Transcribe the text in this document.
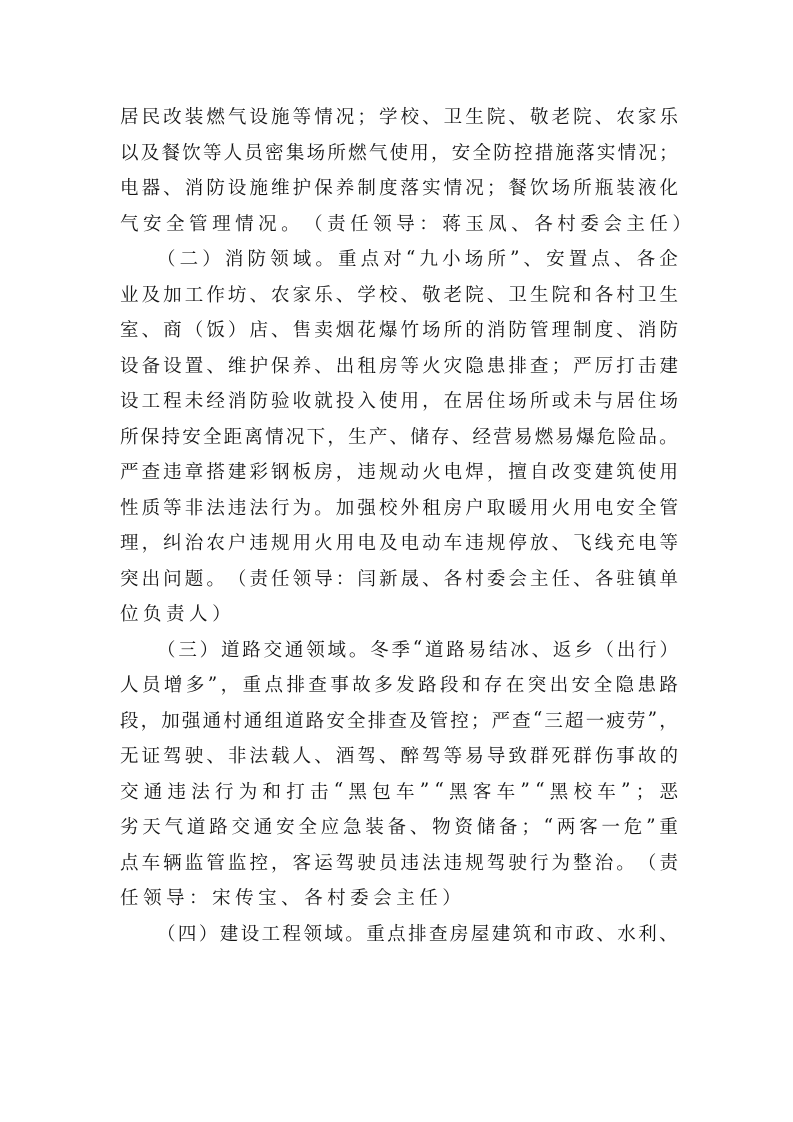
居 民 改 装 燃 气 设 施 等 情 况 ； 学 校 、 卫 生 院 、 敬 老 院 、 农 家 乐
以 及 餐 饮 等 人 员 密 集 场 所 燃 气 使 用 ， 安 全 防 控 措 施 落 实 情 况 ；
电 器 、 消 防 设 施 维 护 保 养 制 度 落 实 情 况 ； 餐 饮 场 所 瓶 装 液 化
气 安 全 管 理 情 况 。 （ 责 任 领 导 ： 蒋 玉 凤 、 各 村 委 会 主 任 ）
（ 二 ） 消 防 领 域 。 重 点 对 “ 九 小 场 所 ” 、 安 置 点 、 各 企
业 及 加 工 作 坊 、 农 家 乐 、 学 校 、 敬 老 院 、 卫 生 院 和 各 村 卫 生
室 、 商 （ 饭 ） 店 、 售 卖 烟 花 爆 竹 场 所 的 消 防 管 理 制 度 、 消 防
设 备 设 置 、 维 护 保 养 、 出 租 房 等 火 灾 隐 患 排 查 ； 严 厉 打 击 建
设 工 程 未 经 消 防 验 收 就 投 入 使 用 ， 在 居 住 场 所 或 未 与 居 住 场
所 保 持 安 全 距 离 情 况 下 ， 生 产 、 储 存 、 经 营 易 燃 易 爆 危 险 品 。
严 查 违 章 搭 建 彩 钢 板 房 ， 违 规 动 火 电 焊 ， 擅 自 改 变 建 筑 使 用
性 质 等 非 法 违 法 行 为 。 加 强 校 外 租 房 户 取 暖 用 火 用 电 安 全 管
理 ， 纠 治 农 户 违 规 用 火 用 电 及 电 动 车 违 规 停 放 、 飞 线 充 电 等
突 出 问 题 。 （ 责 任 领 导 ： 闫 新 晟 、 各 村 委 会 主 任 、 各 驻 镇 单
位 负 责 人 ）
（ 三 ） 道 路 交 通 领 域 。 冬 季 “ 道 路 易 结 冰 、 返 乡 （ 出 行 ）
人 员 增 多 ” ， 重 点 排 查 事 故 多 发 路 段 和 存 在 突 出 安 全 隐 患 路
段 ， 加 强 通 村 通 组 道 路 安 全 排 查 及 管 控 ； 严 查 “ 三 超 一 疲 劳 ” ，
无 证 驾 驶 、 非 法 载 人 、 酒 驾 、 醉 驾 等 易 导 致 群 死 群 伤 事 故 的
交 通 违 法 行 为 和 打 击 “ 黑 包 车 ” “ 黑 客 车 ” “ 黑 校 车 ” ； 恶
劣 天 气 道 路 交 通 安 全 应 急 装 备 、 物 资 储 备 ； “ 两 客 一 危 ” 重
点 车 辆 监 管 监 控 ， 客 运 驾 驶 员 违 法 违 规 驾 驶 行 为 整 治 。 （ 责
任 领 导 ： 宋 传 宝 、 各 村 委 会 主 任 ）
（ 四 ） 建 设 工 程 领 域 。 重 点 排 查 房 屋 建 筑 和 市 政 、 水 利 、
